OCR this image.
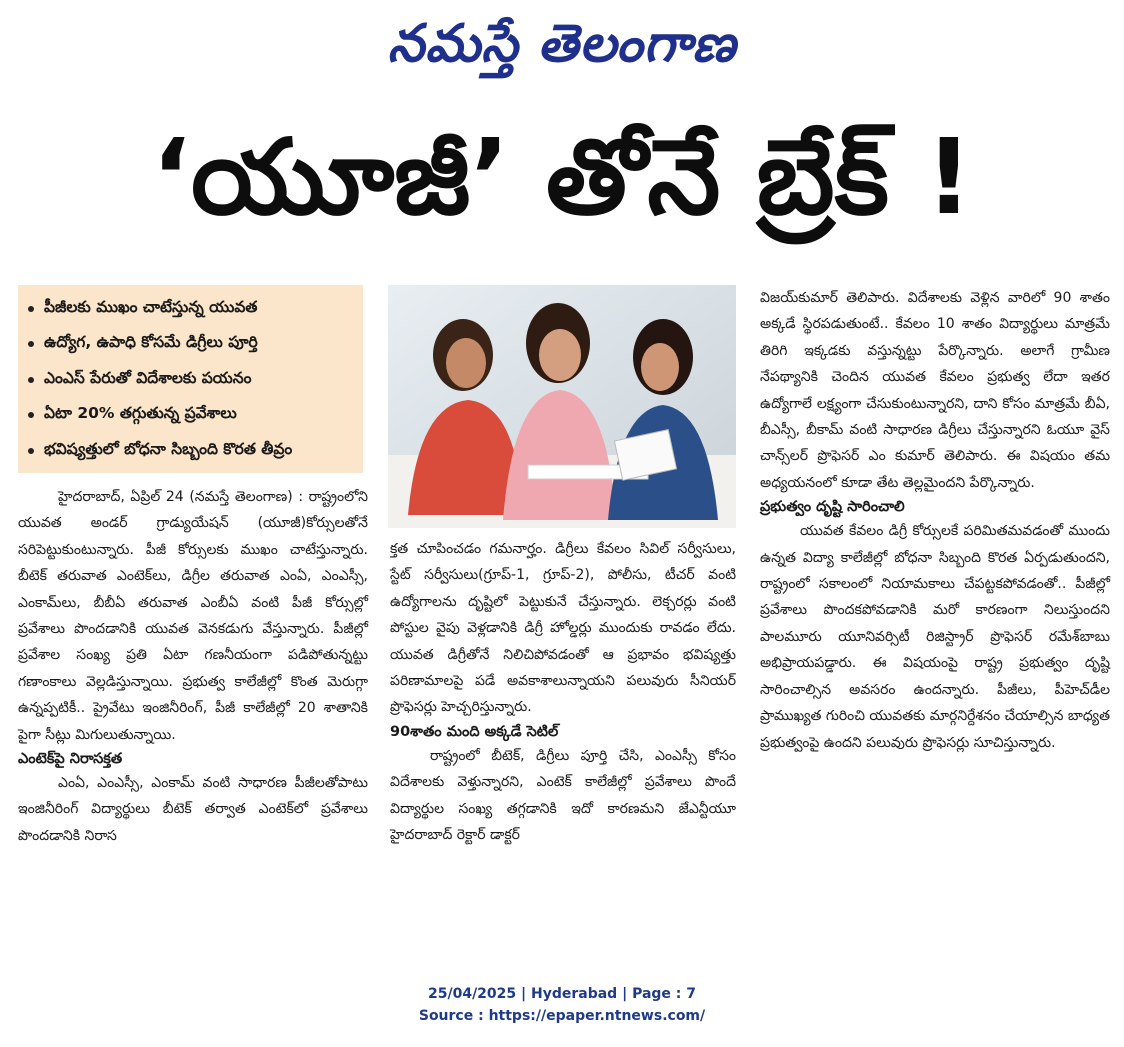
నమస్తే తెలంగాణ
‘యూజీ’ తోనే బ్రేక్‌ !
పీజీలకు ముఖం చాటేస్తున్న యువత
ఉద్యోగ, ఉపాధి కోసమే డిగ్రీలు పూర్తి
ఎంఎస్‌ పేరుతో విదేశాలకు పయనం
ఏటా 20% తగ్గుతున్న ప్రవేశాలు
భవిష్యత్తులో బోధనా సిబ్బంది కొరత తీవ్రం

హైదరాబాద్‌, ఏప్రిల్‌ 24 (నమస్తే తెలంగాణ) : రాష్ట్రంలోని యువత అండర్‌ గ్రాడ్యుయేషన్‌ (యూజీ)కోర్సులతోనే సరిపెట్టుకుంటున్నారు. పీజీ కోర్సులకు ముఖం చాటేస్తున్నారు. బీటెక్‌ తరువాత ఎంటెక్‌లు, డిగ్రీల తరువాత ఎంఏ, ఎంఎస్సీ, ఎంకామ్‌లు, బీబీఏ తరువాత ఎంబీఏ వంటి పీజీ కోర్సుల్లో ప్రవేశాలు పొందడానికి యువత వెనకడుగు వేస్తున్నారు. పీజీల్లో ప్రవేశాల సంఖ్య ప్రతి ఏటా గణనీయంగా పడిపోతున్నట్టు గణాంకాలు వెల్లడిస్తున్నాయి. ప్రభుత్వ కాలేజీల్లో కొంత మెరుగ్గా ఉన్నప్పటికీ.. ప్రైవేటు ఇంజినీరింగ్‌, పీజీ కాలేజీల్లో 20 శాతానికి పైగా సీట్లు మిగులుతున్నాయి.

ఎంటెక్‌పై నిరాసక్తత

ఎంఏ, ఎంఎస్సీ, ఎంకామ్‌ వంటి సాధారణ పీజీలతోపాటు ఇంజినీరింగ్‌ విద్యార్థులు బీటెక్‌ తర్వాత ఎంటెక్‌లో ప్రవేశాలు పొందడానికి నిరాస

క్తత చూపించడం గమనార్హం. డిగ్రీలు కేవలం సివిల్‌ సర్వీసులు, స్టేట్‌ సర్వీసులు(గ్రూప్‌-1, గ్రూప్‌-2), పోలీసు, టీచర్‌ వంటి ఉద్యోగాలను దృష్టిలో పెట్టుకునే చేస్తున్నారు. లెక్చరర్లు వంటి పోస్టుల వైపు వెళ్లడానికి డిగ్రీ హోల్డర్లు ముందుకు రావడం లేదు. యువత డిగ్రీతోనే నిలిచిపోవడంతో ఆ ప్రభావం భవిష్యత్తు పరిణామాలపై పడే అవకాశాలున్నాయని పలువురు సీనియర్‌ ప్రొఫెసర్లు హెచ్చరిస్తున్నారు.

90శాతం మంది అక్కడే సెటిల్‌

రాష్ట్రంలో బీటెక్‌, డిగ్రీలు పూర్తి చేసి, ఎంఎస్సీ కోసం విదేశాలకు వెళ్తున్నారని, ఎంటెక్‌ కాలేజీల్లో ప్రవేశాలు పొందే విద్యార్థుల సంఖ్య తగ్గడానికి ఇదో కారణమని జేఎన్టీయూ హైదరాబాద్‌ రెక్టార్‌ డాక్టర్‌

విజయ్‌కుమార్‌ తెలిపారు. విదేశాలకు వెళ్లిన వారిలో 90 శాతం అక్కడే స్థిరపడుతుంటే.. కేవలం 10 శాతం విద్యార్థులు మాత్రమే తిరిగి ఇక్కడకు వస్తున్నట్టు పేర్కొన్నారు. అలాగే గ్రామీణ నేపథ్యానికి చెందిన యువత కేవలం ప్రభుత్వ లేదా ఇతర ఉద్యోగాలే లక్ష్యంగా చేసుకుంటున్నారని, దాని కోసం మాత్రమే బీఏ, బీఎస్సీ, బీకామ్‌ వంటి సాధారణ డిగ్రీలు చేస్తున్నారని ఓయూ వైస్‌ చాన్స్‌లర్‌ ప్రొఫెసర్‌ ఎం కుమార్‌ తెలిపారు. ఈ విషయం తమ అధ్యయనంలో కూడా తేట తెల్లమైందని పేర్కొన్నారు.

ప్రభుత్వం దృష్టి సారించాలి

యువత కేవలం డిగ్రీ కోర్సులకే పరిమితమవడంతో ముందు ఉన్నత విద్యా కాలేజీల్లో బోధనా సిబ్బంది కొరత ఏర్పడుతుందని, రాష్ట్రంలో సకాలంలో నియామకాలు చేపట్టకపోవడంతో.. పీజీల్లో ప్రవేశాలు పొందకపోవడానికి మరో కారణంగా నిలుస్తుందని పాలమూరు యూనివర్సిటీ రిజిస్ట్రార్‌ ప్రొఫెసర్‌ రమేశ్‌బాబు అభిప్రాయపడ్డారు. ఈ విషయంపై రాష్ట్ర ప్రభుత్వం దృష్టి సారించాల్సిన అవసరం ఉందన్నారు. పీజీలు, పీహెచ్‌డీల ప్రాముఖ్యత గురించి యువతకు మార్గనిర్దేశనం చేయాల్సిన బాధ్యత ప్రభుత్వంపై ఉందని పలువురు ప్రొఫెసర్లు సూచిస్తున్నారు.

25/04/2025 | Hyderabad | Page : 7
Source : https://epaper.ntnews.com/
